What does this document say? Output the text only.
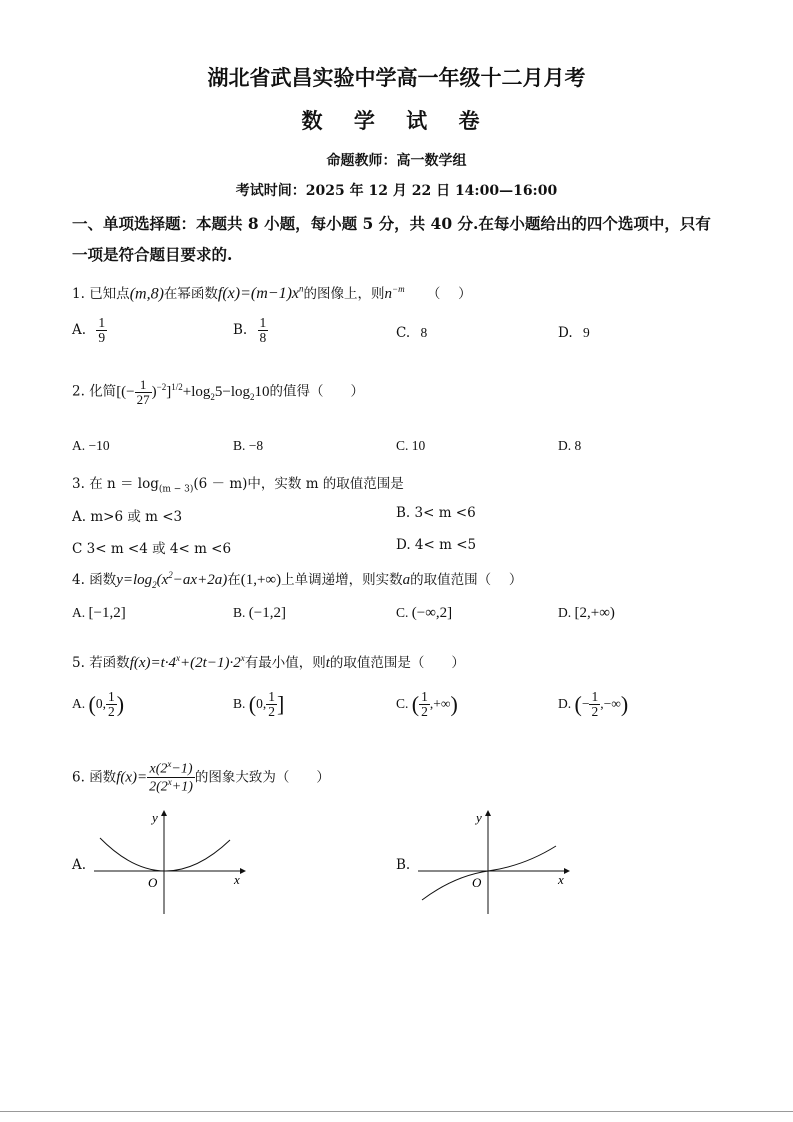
湖北省武昌实验中学高一年级十二月月考
数 学 试 卷
命题教师：高一数学组
考试时间：2025 年 12 月 22 日 14:00—16:00
一、单项选择题：本题共 8 小题，每小题 5 分，共 40 分.在每小题给出的四个选项中，只有
一项是符合题目要求的.
1. 已知点(m,8)在幂函数$f(x)=(m-1)x^n$的图像上，则$n^{-m}$ （　 ）
A. $\frac{1}{9}$	B. $\frac{1}{8}$	C. 8	D. 9
2. 化简[(− $\frac{1}{27} )^{-2}]^{1/2}+\log_25-\log_210$的值得（　　）
A. −10	B. −8	C. 10	D. 8
3. 在 $n = \log_{(m - 3)}(6 - m)$中，实数 m 的取值范围是
A. m>6 或 m <3	B. 3< m <6
C 3< m <4 或 4< m <6	D. 4< m <5
4. 函数$y=\log_2(x^2-ax+2a)$在(1,+∞)上单调递增，则实数a的取值范围（　 ）
A. [−1,2]	B. (−1,2]	C. (−∞,2]	D. [2,+∞)
5. 若函数$f(x)=t\cdot 4^x+(2t-1)\cdot 2^x$有最小值，则t的取值范围是（　　）
A. (0, $\frac{1}{2}$ )	B. (0, $\frac{1}{2}$ ]	C. ( $\frac{1}{2}$ ,+∞)	D. (− $\frac{1}{2}$ ,−∞)
6. 函数$f(x)= \frac{x(2^x-1)}{2(2^x+1)}$ 的图象大致为（　　）
A.
y
x
O
B.
y
x
O
